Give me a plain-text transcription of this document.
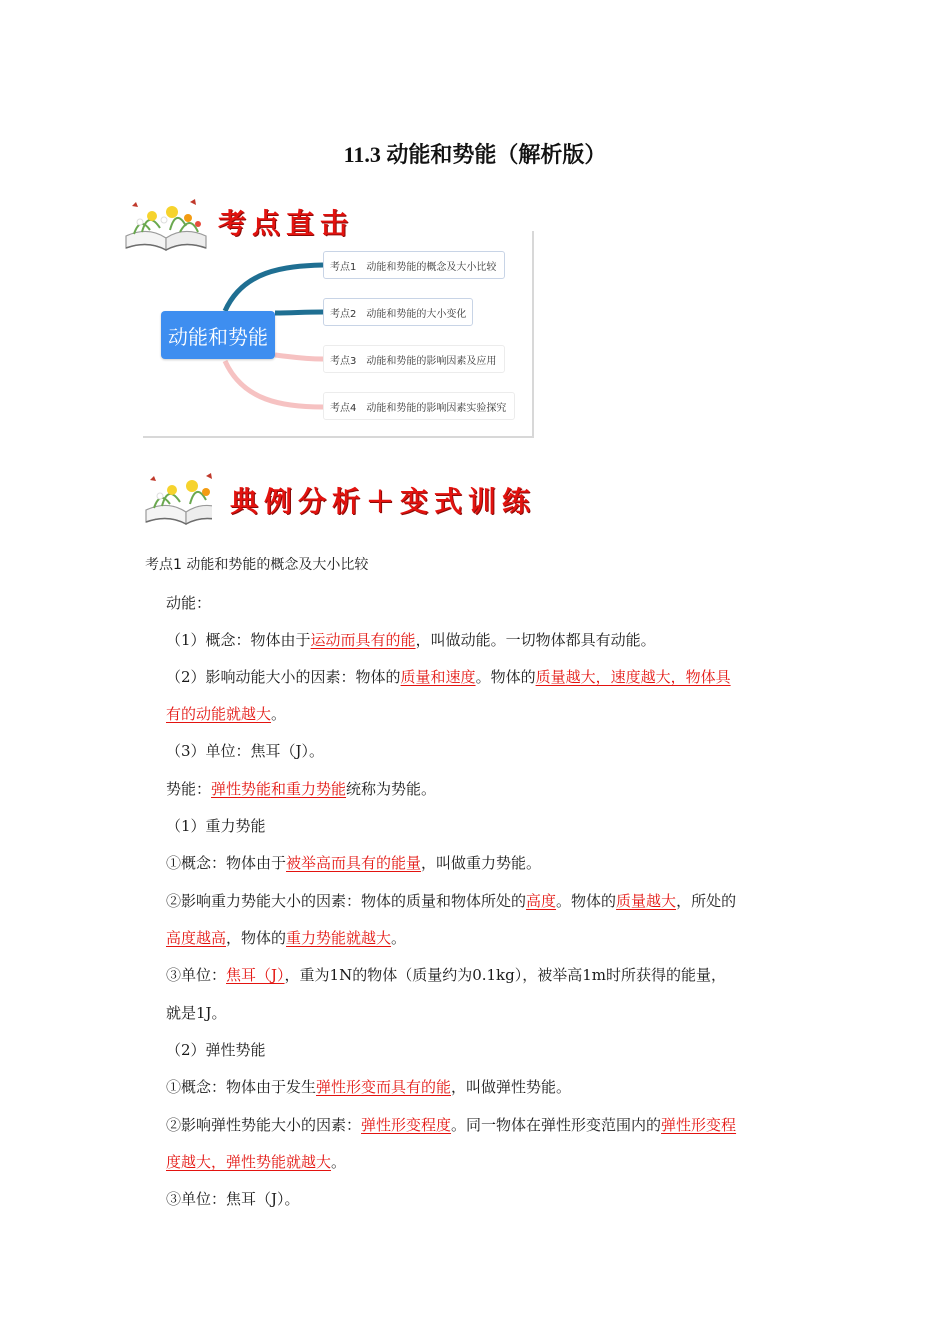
11.3 动能和势能（解析版）
考点直击
动能和势能
考点1 动能和势能的概念及大小比较
考点2 动能和势能的大小变化
考点3 动能和势能的影响因素及应用
考点4 动能和势能的影响因素实验探究
典例分析＋变式训练
考点1 动能和势能的概念及大小比较
动能：
（1）概念：物体由于运动而具有的能，叫做动能。一切物体都具有动能。
（2）影响动能大小的因素：物体的质量和速度。物体的质量越大，速度越大，物体具
有的动能就越大。
（3）单位：焦耳（J）。
势能：弹性势能和重力势能统称为势能。
（1）重力势能
①概念：物体由于被举高而具有的能量，叫做重力势能。
②影响重力势能大小的因素：物体的质量和物体所处的高度。物体的质量越大，所处的
高度越高，物体的重力势能就越大。
③单位：焦耳（J），重为1N的物体（质量约为0.1kg），被举高1m时所获得的能量，
就是1J。
（2）弹性势能
①概念：物体由于发生弹性形变而具有的能，叫做弹性势能。
②影响弹性势能大小的因素：弹性形变程度。同一物体在弹性形变范围内的弹性形变程
度越大，弹性势能就越大。
③单位：焦耳（J）。
